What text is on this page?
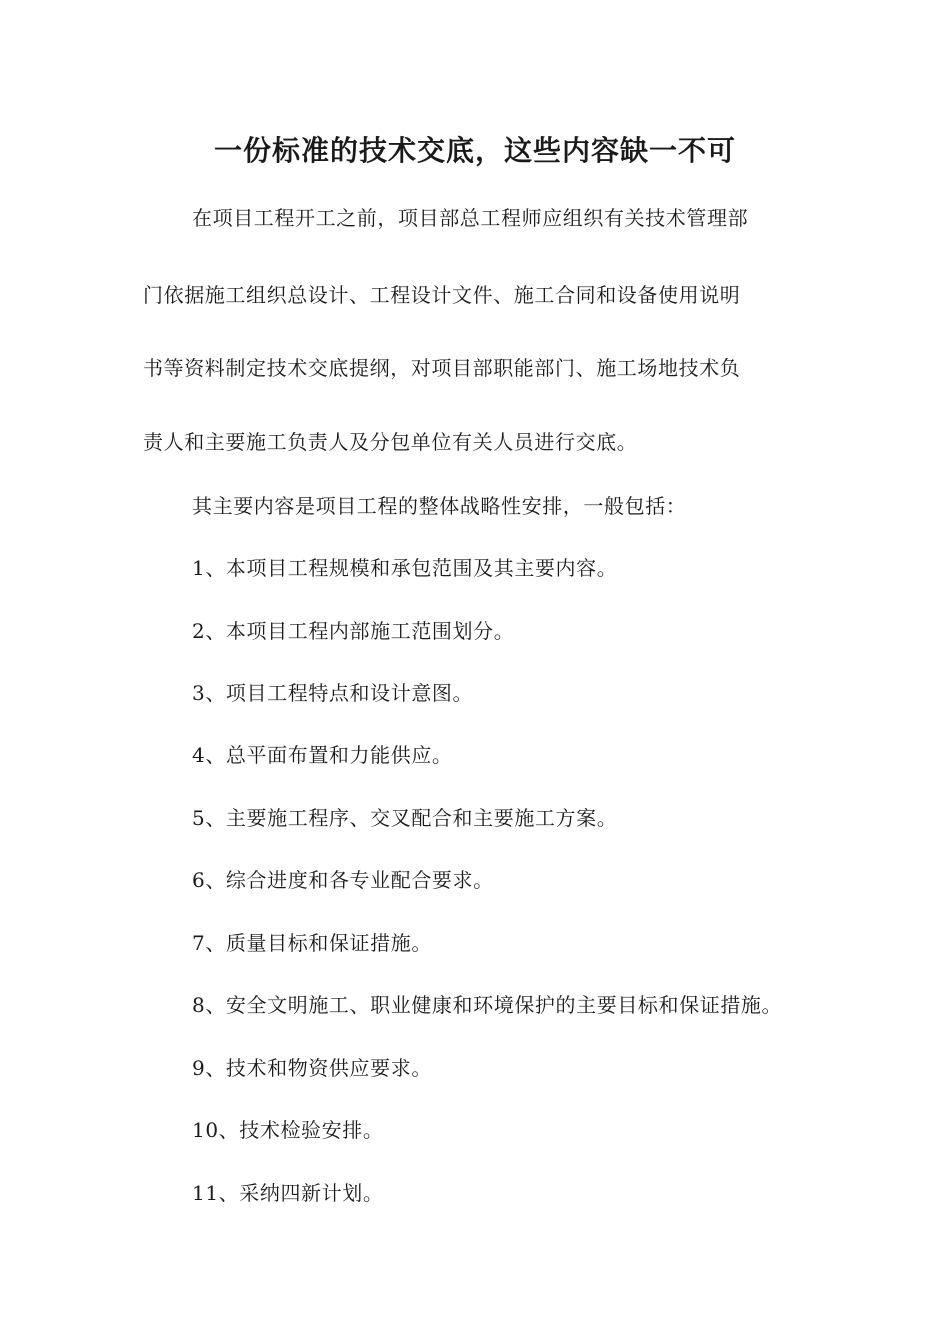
一份标准的技术交底，这些内容缺一不可
在项目工程开工之前，项目部总工程师应组织有关技术管理部
门依据施工组织总设计、工程设计文件、施工合同和设备使用说明
书等资料制定技术交底提纲，对项目部职能部门、施工场地技术负
责人和主要施工负责人及分包单位有关人员进行交底。
其主要内容是项目工程的整体战略性安排，一般包括：
1、本项目工程规模和承包范围及其主要内容。
2、本项目工程内部施工范围划分。
3、项目工程特点和设计意图。
4、总平面布置和力能供应。
5、主要施工程序、交叉配合和主要施工方案。
6、综合进度和各专业配合要求。
7、质量目标和保证措施。
8、安全文明施工、职业健康和环境保护的主要目标和保证措施。
9、技术和物资供应要求。
10、技术检验安排。
11、采纳四新计划。
